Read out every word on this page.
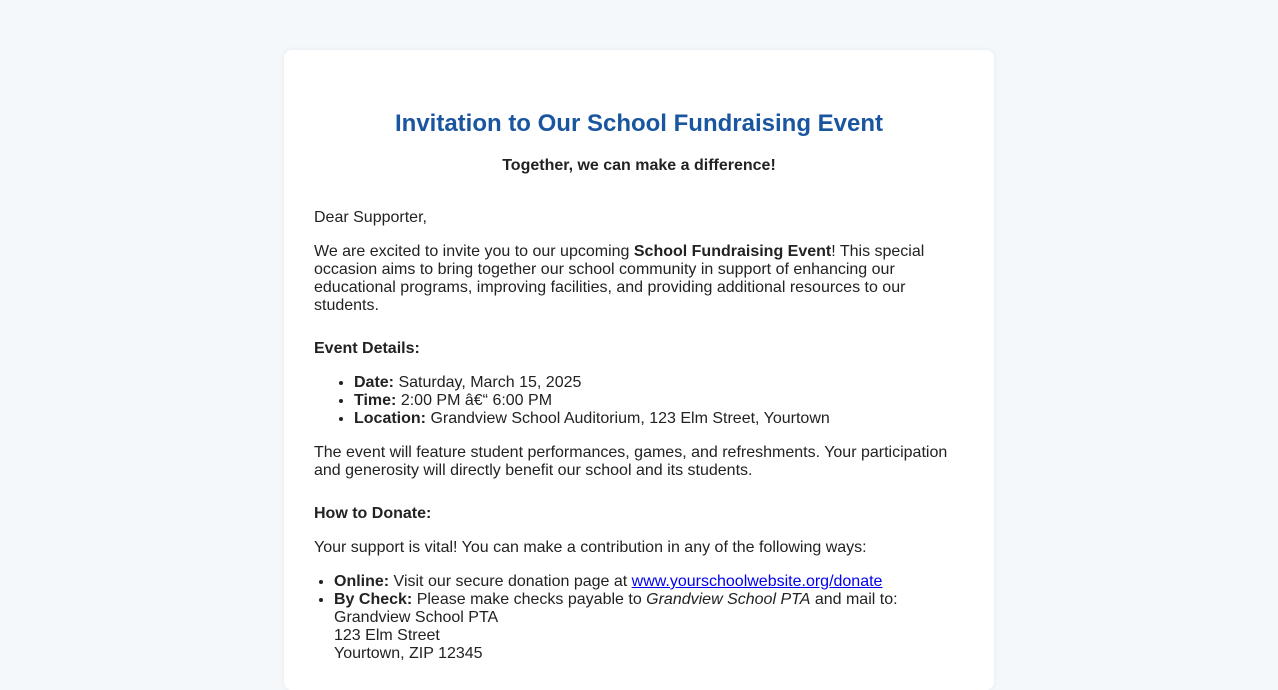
Invitation to Our School Fundraising Event

Together, we can make a difference!

Dear Supporter,

We are excited to invite you to our upcoming School Fundraising Event! This special occasion aims to bring together our school community in support of enhancing our educational programs, improving facilities, and providing additional resources to our students.

Event Details:
• Date: Saturday, March 15, 2025
• Time: 2:00 PM â€“ 6:00 PM
• Location: Grandview School Auditorium, 123 Elm Street, Yourtown

The event will feature student performances, games, and refreshments. Your participation and generosity will directly benefit our school and its students.

How to Donate:

Your support is vital! You can make a contribution in any of the following ways:

• Online: Visit our secure donation page at www.yourschoolwebsite.org/donate
• By Check: Please make checks payable to Grandview School PTA and mail to:
Grandview School PTA
123 Elm Street
Yourtown, ZIP 12345
